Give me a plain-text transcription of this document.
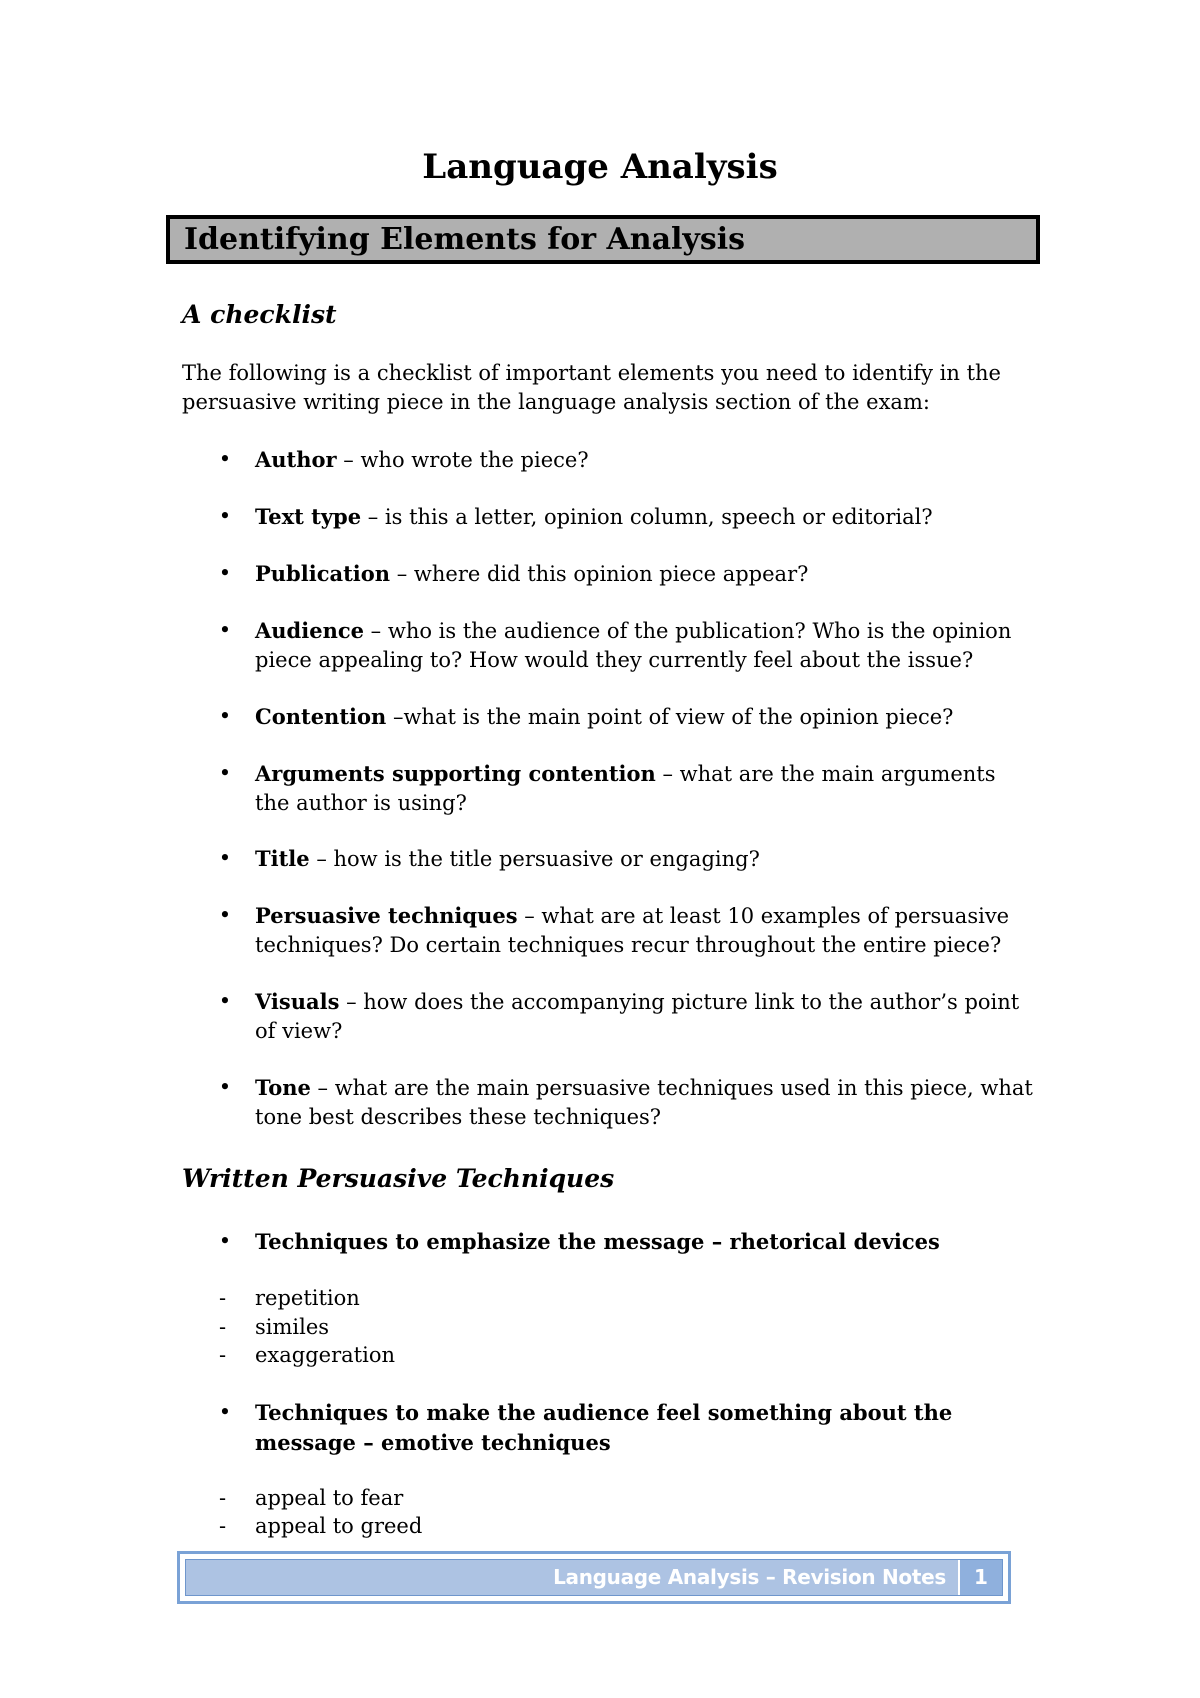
Language Analysis
Identifying Elements for Analysis
A checklist

The following is a checklist of important elements you need to identify in the persuasive writing piece in the language analysis section of the exam:

• Author – who wrote the piece?
• Text type – is this a letter, opinion column, speech or editorial?
• Publication – where did this opinion piece appear?
• Audience – who is the audience of the publication? Who is the opinion piece appealing to? How would they currently feel about the issue?
• Contention –what is the main point of view of the opinion piece?
• Arguments supporting contention – what are the main arguments the author is using?
• Title – how is the title persuasive or engaging?
• Persuasive techniques – what are at least 10 examples of persuasive techniques? Do certain techniques recur throughout the entire piece?
• Visuals – how does the accompanying picture link to the author’s point of view?
• Tone – what are the main persuasive techniques used in this piece, what tone best describes these techniques?
Written Persuasive Techniques
• Techniques to emphasize the message – rhetorical devices
- repetition
- similes
- exaggeration
• Techniques to make the audience feel something about the message – emotive techniques
- appeal to fear
- appeal to greed
Language Analysis – Revision Notes	1
